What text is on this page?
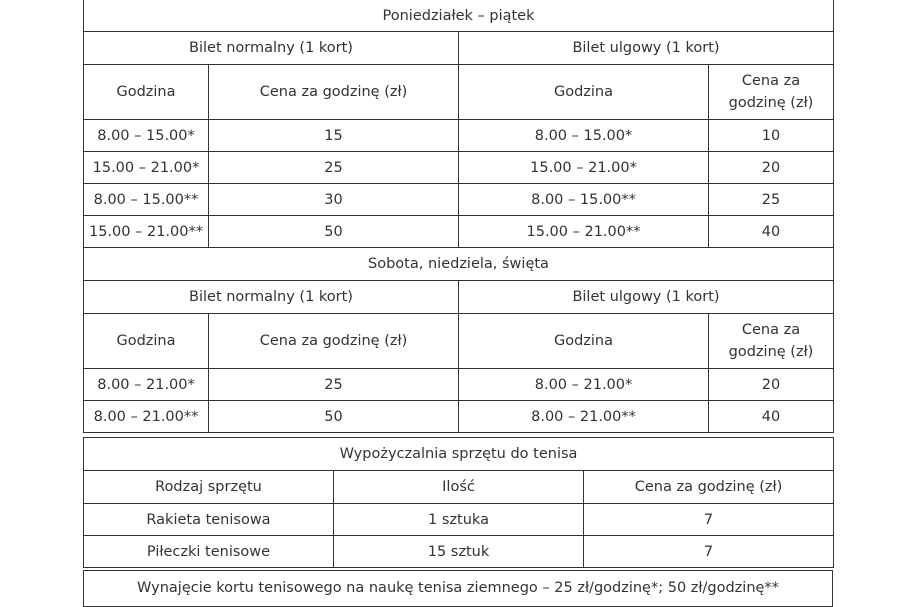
Poniedziałek – piątek			
Bilet normalny (1 kort)		Bilet ulgowy (1 kort)	
Godzina	Cena za godzinę (zł)	Godzina	Cena za godzinę (zł)
8.00 – 15.00*	15	8.00 – 15.00*	10
15.00 – 21.00*	25	15.00 – 21.00*	20
8.00 – 15.00**	30	8.00 – 15.00**	25
15.00 – 21.00**	50	15.00 – 21.00**	40
Sobota, niedziela, święta			
Bilet normalny (1 kort)		Bilet ulgowy (1 kort)	
Godzina	Cena za godzinę (zł)	Godzina	Cena za godzinę (zł)
8.00 – 21.00*	25	8.00 – 21.00*	20
8.00 – 21.00**	50	8.00 – 21.00**	40
Wypożyczalnia sprzętu do tenisa		
Rodzaj sprzętu	Ilość	Cena za godzinę (zł)
Rakieta tenisowa	1 sztuka	7
Piłeczki tenisowe	15 sztuk	7
Wynajęcie kortu tenisowego na naukę tenisa ziemnego – 25 zł/godzinę*; 50 zł/godzinę**
